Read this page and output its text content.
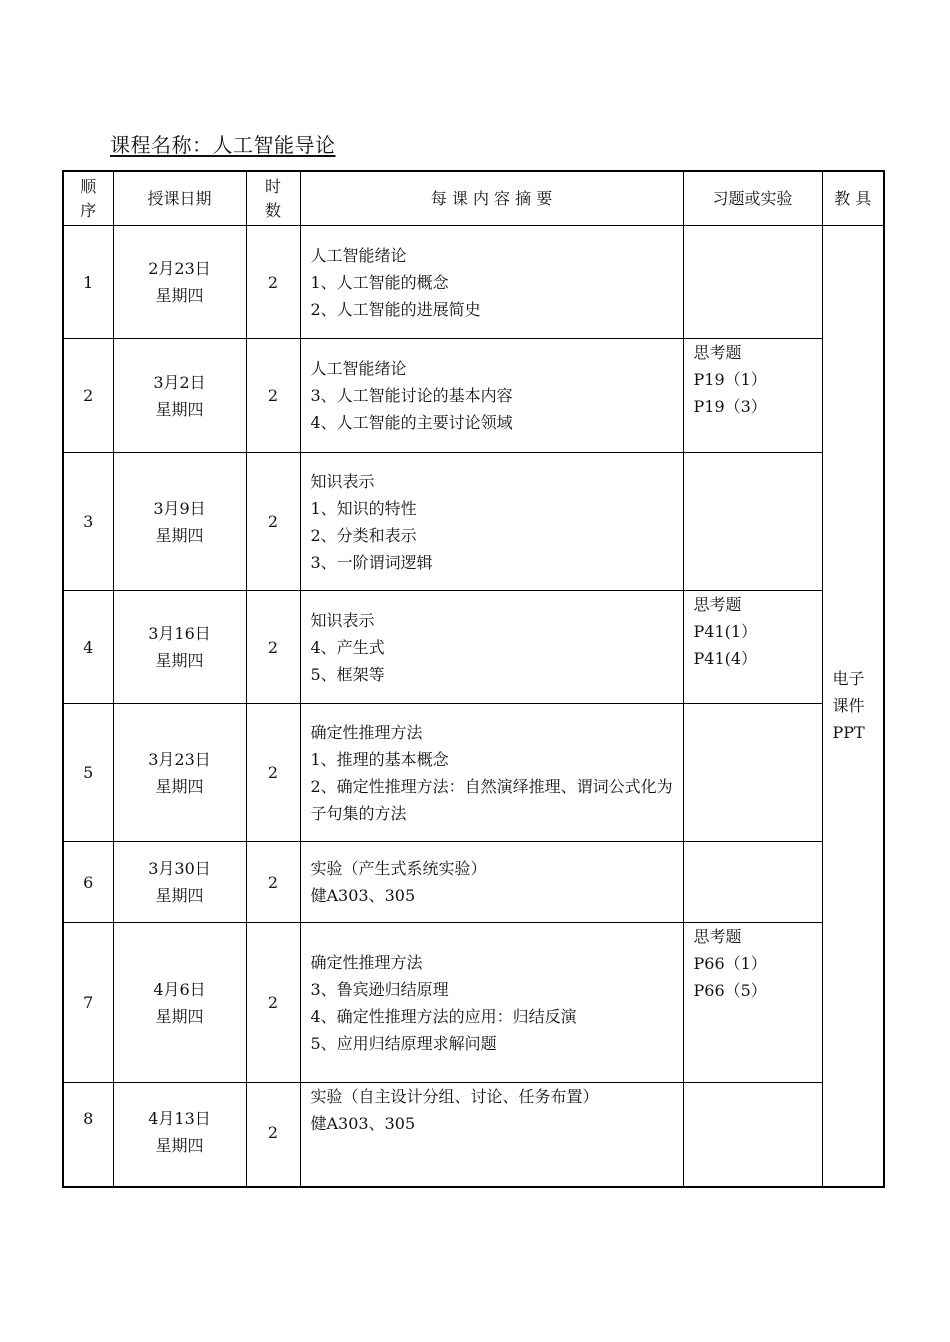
课程名称：人工智能导论
顺
序	授课日期	时
数	每 课 内 容 摘 要	习题或实验	教 具
1	2月23日
星期四	2	人工智能绪论
1、人工智能的概念
2、人工智能的进展简史		电子
课件
PPT

2	3月2日
星期四	2	人工智能绪论
3、人工智能讨论的基本内容
4、人工智能的主要讨论领域	思考题
P19（1）
P19（3）	

3	3月9日
星期四	2	知识表示
1、知识的特性
2、分类和表示
3、一阶谓词逻辑		

4	3月16日
星期四	2	知识表示
4、产生式
5、框架等	思考题
P41(1）
P41(4）	

5	3月23日
星期四	2	确定性推理方法
1、推理的基本概念
2、确定性推理方法：自然演绎推理、谓词公式化为子句集的方法		

6	3月30日
星期四	2	实验（产生式系统实验）
健A303、305		

7	4月6日
星期四	2	确定性推理方法
3、鲁宾逊归结原理
4、确定性推理方法的应用：归结反演
5、应用归结原理求解问题	思考题
P66（1）
P66（5）	

8	4月13日
星期四	2	实验（自主设计分组、讨论、任务布置）
健A303、305		
